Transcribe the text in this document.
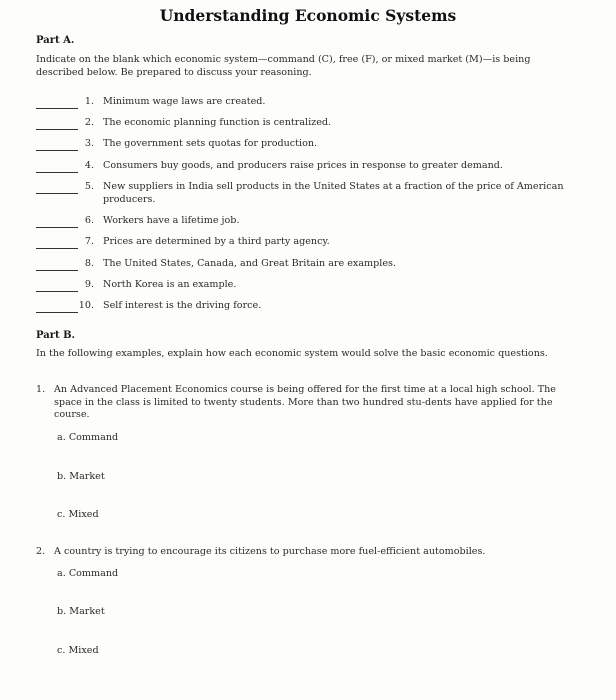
Understanding Economic Systems
Part A.
Indicate on the blank which economic system—command (C), free (F), or mixed market (M)—is being described below. Be prepared to discuss your reasoning.
1. Minimum wage laws are created.
2. The economic planning function is centralized.
3. The government sets quotas for production.
4. Consumers buy goods, and producers raise prices in response to greater demand.
5. New suppliers in India sell products in the United States at a fraction of the price of American producers.
6. Workers have a lifetime job.
7. Prices are determined by a third party agency.
8. The United States, Canada, and Great Britain are examples.
9. North Korea is an example.
10. Self interest is the driving force.
Part B.
In the following examples, explain how each economic system would solve the basic economic questions.
1. An Advanced Placement Economics course is being offered for the first time at a local high school. The space in the class is limited to twenty students. More than two hundred stu-dents have applied for the course.
a. Command
b. Market
c. Mixed
2. A country is trying to encourage its citizens to purchase more fuel-efficient automobiles.
a. Command
b. Market
c. Mixed
